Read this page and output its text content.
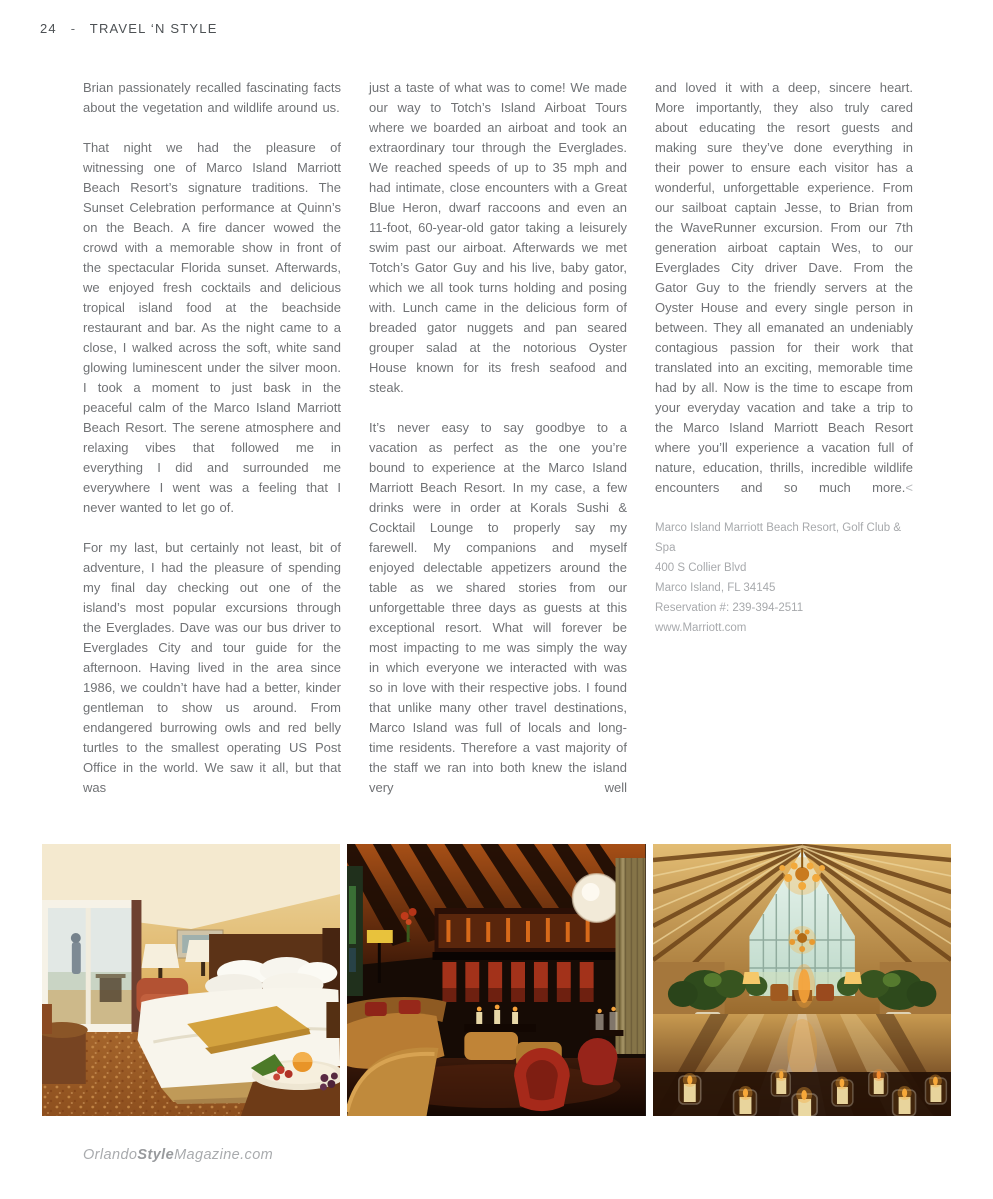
24 - TRAVEL ‘N STYLE

Brian passionately recalled fascinating facts about the vegetation and wildlife around us.

That night we had the pleasure of witnessing one of Marco Island Marriott Beach Resort’s signature traditions. The Sunset Celebration performance at Quinn’s on the Beach. A fire dancer wowed the crowd with a memorable show in front of the spectacular Florida sunset. Afterwards, we enjoyed fresh cocktails and delicious tropical island food at the beachside restaurant and bar. As the night came to a close, I walked across the soft, white sand glowing luminescent under the silver moon. I took a moment to just bask in the peaceful calm of the Marco Island Marriott Beach Resort. The serene atmosphere and relaxing vibes that followed me in everything I did and surrounded me everywhere I went was a feeling that I never wanted to let go of.

For my last, but certainly not least, bit of adventure, I had the pleasure of spending my final day checking out one of the island’s most popular excursions through the Everglades. Dave was our bus driver to Everglades City and tour guide for the afternoon. Having lived in the area since 1986, we couldn’t have had a better, kinder gentleman to show us around. From endangered burrowing owls and red belly turtles to the smallest operating US Post Office in the world. We saw it all, but that was

just a taste of what was to come! We made our way to Totch’s Island Airboat Tours where we boarded an airboat and took an extraordinary tour through the Everglades. We reached speeds of up to 35 mph and had intimate, close encounters with a Great Blue Heron, dwarf raccoons and even an 11-foot, 60-year-old gator taking a leisurely swim past our airboat. Afterwards we met Totch’s Gator Guy and his live, baby gator, which we all took turns holding and posing with. Lunch came in the delicious form of breaded gator nuggets and pan seared grouper salad at the notorious Oyster House known for its fresh seafood and steak.

It’s never easy to say goodbye to a vacation as perfect as the one you’re bound to experience at the Marco Island Marriott Beach Resort. In my case, a few drinks were in order at Korals Sushi & Cocktail Lounge to properly say my farewell. My companions and myself enjoyed delectable appetizers around the table as we shared stories from our unforgettable three days as guests at this exceptional resort. What will forever be most impacting to me was simply the way in which everyone we interacted with was so in love with their respective jobs. I found that unlike many other travel destinations, Marco Island was full of locals and long-time residents. Therefore a vast majority of the staff we ran into both knew the island very well

and loved it with a deep, sincere heart. More importantly, they also truly cared about educating the resort guests and making sure they’ve done everything in their power to ensure each visitor has a wonderful, unforgettable experience. From our sailboat captain Jesse, to Brian from the WaveRunner excursion. From our 7th generation airboat captain Wes, to our Everglades City driver Dave. From the Gator Guy to the friendly servers at the Oyster House and every single person in between. They all emanated an undeniably contagious passion for their work that translated into an exciting, memorable time had by all. Now is the time to escape from your everyday vacation and take a trip to the Marco Island Marriott Beach Resort where you’ll experience a vacation full of nature, education, thrills, incredible wildlife encounters and so much more.<

Marco Island Marriott Beach Resort, Golf Club & Spa

400 S Collier Blvd

Marco Island, FL 34145

Reservation #: 239-394-2511

www.Marriott.com

OrlandoStyleMagazine.com
